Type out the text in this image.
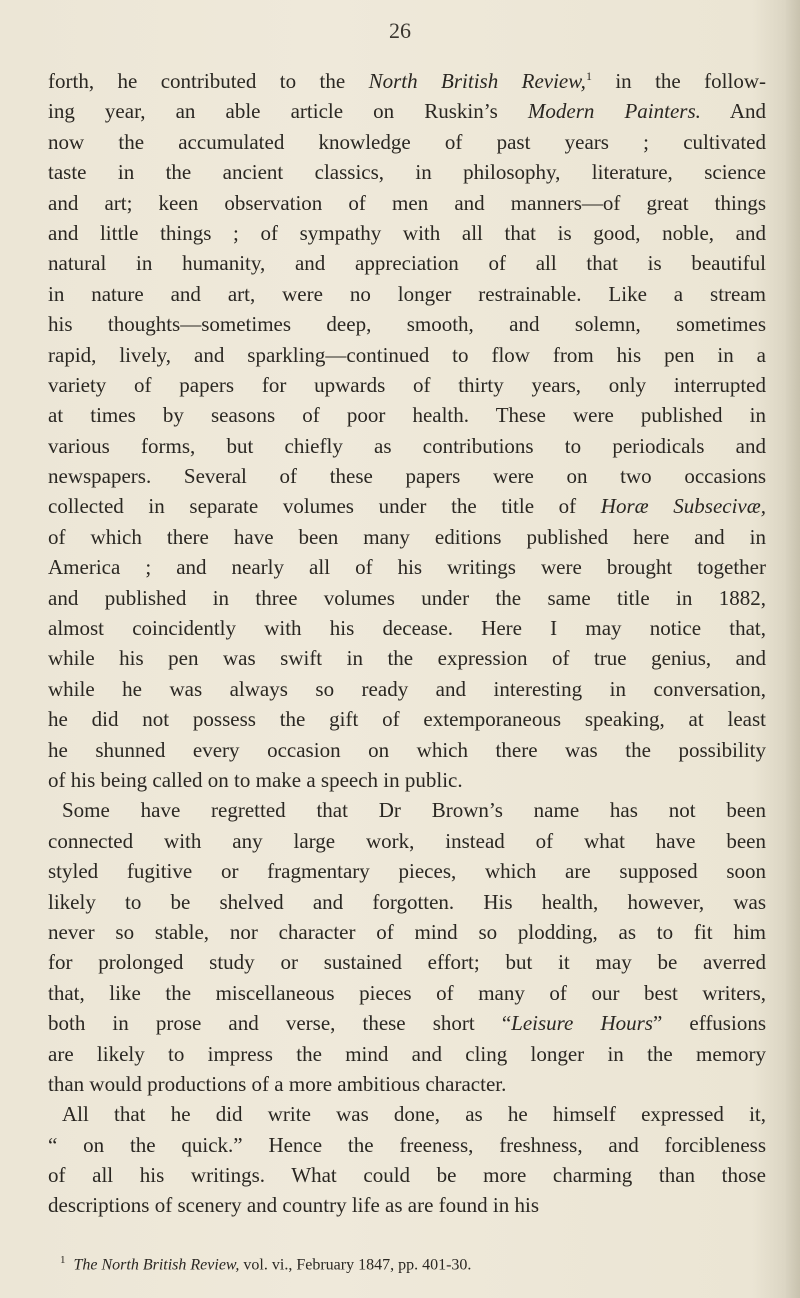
26
forth, he contributed to the North British Review,$^1$ in the follow-
ing year, an able article on Ruskin’s Modern Painters. And
now the accumulated knowledge of past years ; cultivated
taste in the ancient classics, in philosophy, literature, science
and art; keen observation of men and manners—of great things
and little things ; of sympathy with all that is good, noble, and
natural in humanity, and appreciation of all that is beautiful
in nature and art, were no longer restrainable. Like a stream
his thoughts—sometimes deep, smooth, and solemn, sometimes
rapid, lively, and sparkling—continued to flow from his pen in a
variety of papers for upwards of thirty years, only interrupted
at times by seasons of poor health. These were published in
various forms, but chiefly as contributions to periodicals and
newspapers. Several of these papers were on two occasions
collected in separate volumes under the title of Horæ Subsecivæ,
of which there have been many editions published here and in
America ; and nearly all of his writings were brought together
and published in three volumes under the same title in 1882,
almost coincidently with his decease. Here I may notice that,
while his pen was swift in the expression of true genius, and
while he was always so ready and interesting in conversation,
he did not possess the gift of extemporaneous speaking, at least
he shunned every occasion on which there was the possibility
of his being called on to make a speech in public.
Some have regretted that Dr Brown’s name has not been
connected with any large work, instead of what have been
styled fugitive or fragmentary pieces, which are supposed soon
likely to be shelved and forgotten. His health, however, was
never so stable, nor character of mind so plodding, as to fit him
for prolonged study or sustained effort; but it may be averred
that, like the miscellaneous pieces of many of our best writers,
both in prose and verse, these short “Leisure Hours” effusions
are likely to impress the mind and cling longer in the memory
than would productions of a more ambitious character.
All that he did write was done, as he himself expressed it,
“ on the quick.” Hence the freeness, freshness, and forcibleness
of all his writings. What could be more charming than those
descriptions of scenery and country life as are found in his
$^1$ The North British Review, vol. vi., February 1847, pp. 401-30.
